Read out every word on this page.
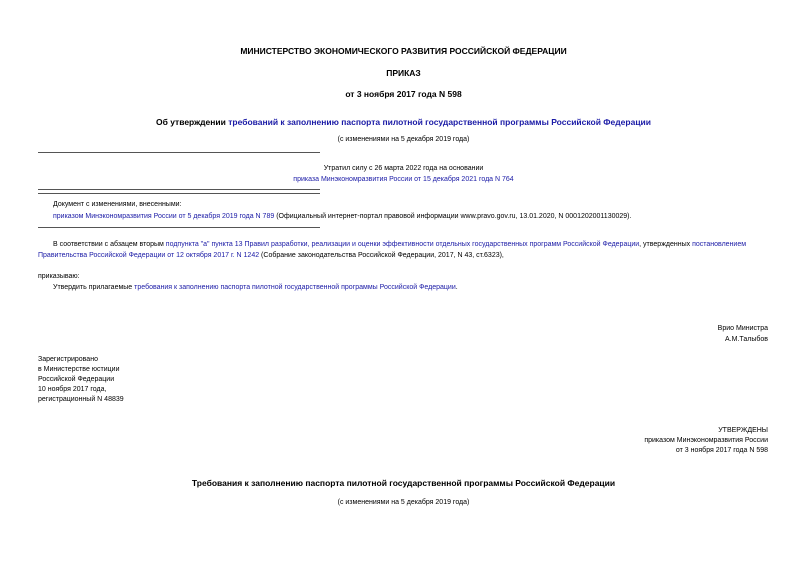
МИНИСТЕРСТВО ЭКОНОМИЧЕСКОГО РАЗВИТИЯ РОССИЙСКОЙ ФЕДЕРАЦИИ
ПРИКАЗ
от 3 ноября 2017 года N 598
Об утверждении требований к заполнению паспорта пилотной государственной программы Российской Федерации
(с изменениями на 5 декабря 2019 года)
Утратил силу с 26 марта 2022 года на основании
приказа Минэкономразвития России от 15 декабря 2021 года N 764
Документ с изменениями, внесенными:
приказом Минэкономразвития России от 5 декабря 2019 года N 789 (Официальный интернет-портал правовой информации www.pravo.gov.ru, 13.01.2020, N 0001202001130029).
В соответствии с абзацем вторым подпункта "а" пункта 13 Правил разработки, реализации и оценки эффективности отдельных государственных программ Российской Федерации, утвержденных постановлением
Правительства Российской Федерации от 12 октября 2017 г. N 1242 (Собрание законодательства Российской Федерации, 2017, N 43, ст.6323),
приказываю:
Утвердить прилагаемые требования к заполнению паспорта пилотной государственной программы Российской Федерации.
Врио Министра
А.М.Талыбов
Зарегистрировано
в Министерстве юстиции
Российской Федерации
10 ноября 2017 года,
регистрационный N 48839
УТВЕРЖДЕНЫ
приказом Минэкономразвития России
от 3 ноября 2017 года N 598
Требования к заполнению паспорта пилотной государственной программы Российской Федерации
(с изменениями на 5 декабря 2019 года)
